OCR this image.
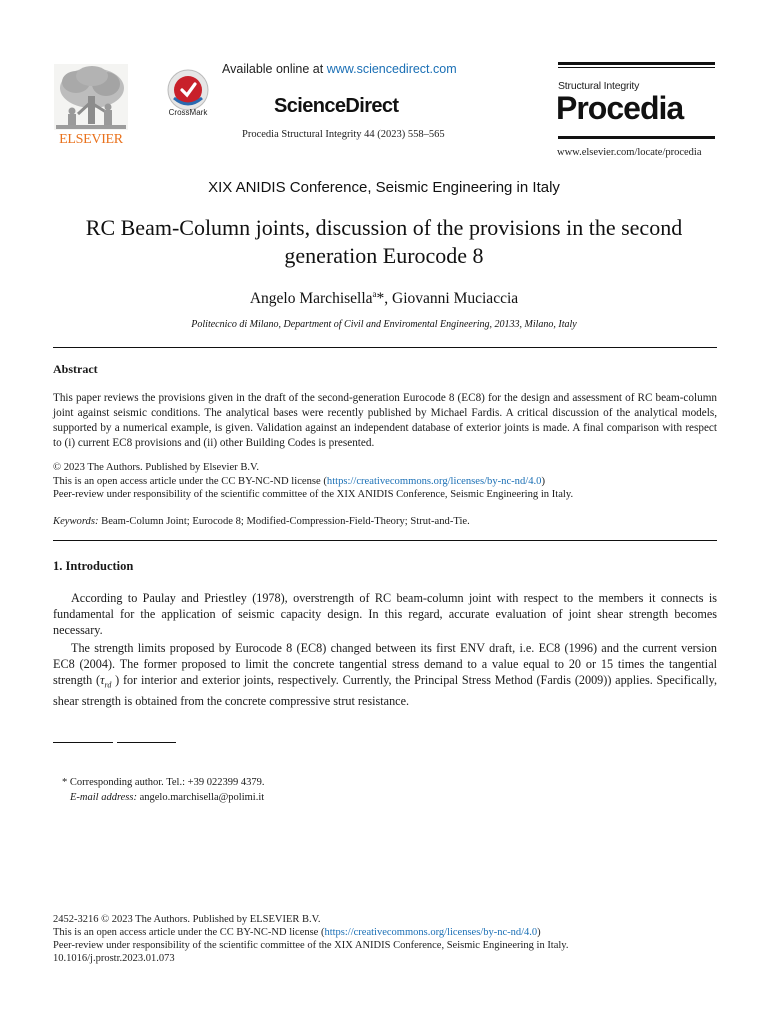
ELSEVIER
CrossMark
Available online at www.sciencedirect.com
ScienceDirect
Procedia Structural Integrity 44 (2023) 558–565
Structural Integrity
Procedia
www.elsevier.com/locate/procedia
XIX ANIDIS Conference, Seismic Engineering in Italy
RC Beam-Column joints, discussion of the provisions in the second
generation Eurocode 8
Angelo Marchisella$^a$*, Giovanni Muciaccia
Politecnico di Milano, Department of Civil and Enviromental Engineering, 20133, Milano, Italy
Abstract
This paper reviews the provisions given in the draft of the second-generation Eurocode 8 (EC8) for the design and assessment of RC beam-column joint against seismic conditions. The analytical bases were recently published by Michael Fardis. A critical discussion of the analytical models, supported by a numerical example, is given. Validation against an independent database of exterior joints is made. A final comparison with respect to (i) current EC8 provisions and (ii) other Building Codes is presented.
© 2023 The Authors. Published by Elsevier B.V.
This is an open access article under the CC BY-NC-ND license (https://creativecommons.org/licenses/by-nc-nd/4.0)
Peer-review under responsibility of the scientific committee of the XIX ANIDIS Conference, Seismic Engineering in Italy.
Keywords: Beam-Column Joint; Eurocode 8; Modified-Compression-Field-Theory; Strut-and-Tie.
1. Introduction
According to Paulay and Priestley (1978), overstrength of RC beam-column joint with respect to the members it connects is fundamental for the application of seismic capacity design. In this regard, accurate evaluation of joint shear strength becomes necessary.
The strength limits proposed by Eurocode 8 (EC8) changed between its first ENV draft, i.e. EC8 (1996) and the current version EC8 (2004). The former proposed to limit the concrete tangential stress demand to a value equal to 20 or 15 times the tangential strength ($\tau_{rd}$ ) for interior and exterior joints, respectively. Currently, the Principal Stress Method (Fardis (2009)) applies. Specifically, shear strength is obtained from the concrete compressive strut resistance.
* Corresponding author. Tel.: +39 022399 4379.
E-mail address: angelo.marchisella@polimi.it
2452-3216 © 2023 The Authors. Published by ELSEVIER B.V.
This is an open access article under the CC BY-NC-ND license (https://creativecommons.org/licenses/by-nc-nd/4.0)
Peer-review under responsibility of the scientific committee of the XIX ANIDIS Conference, Seismic Engineering in Italy.
10.1016/j.prostr.2023.01.073
